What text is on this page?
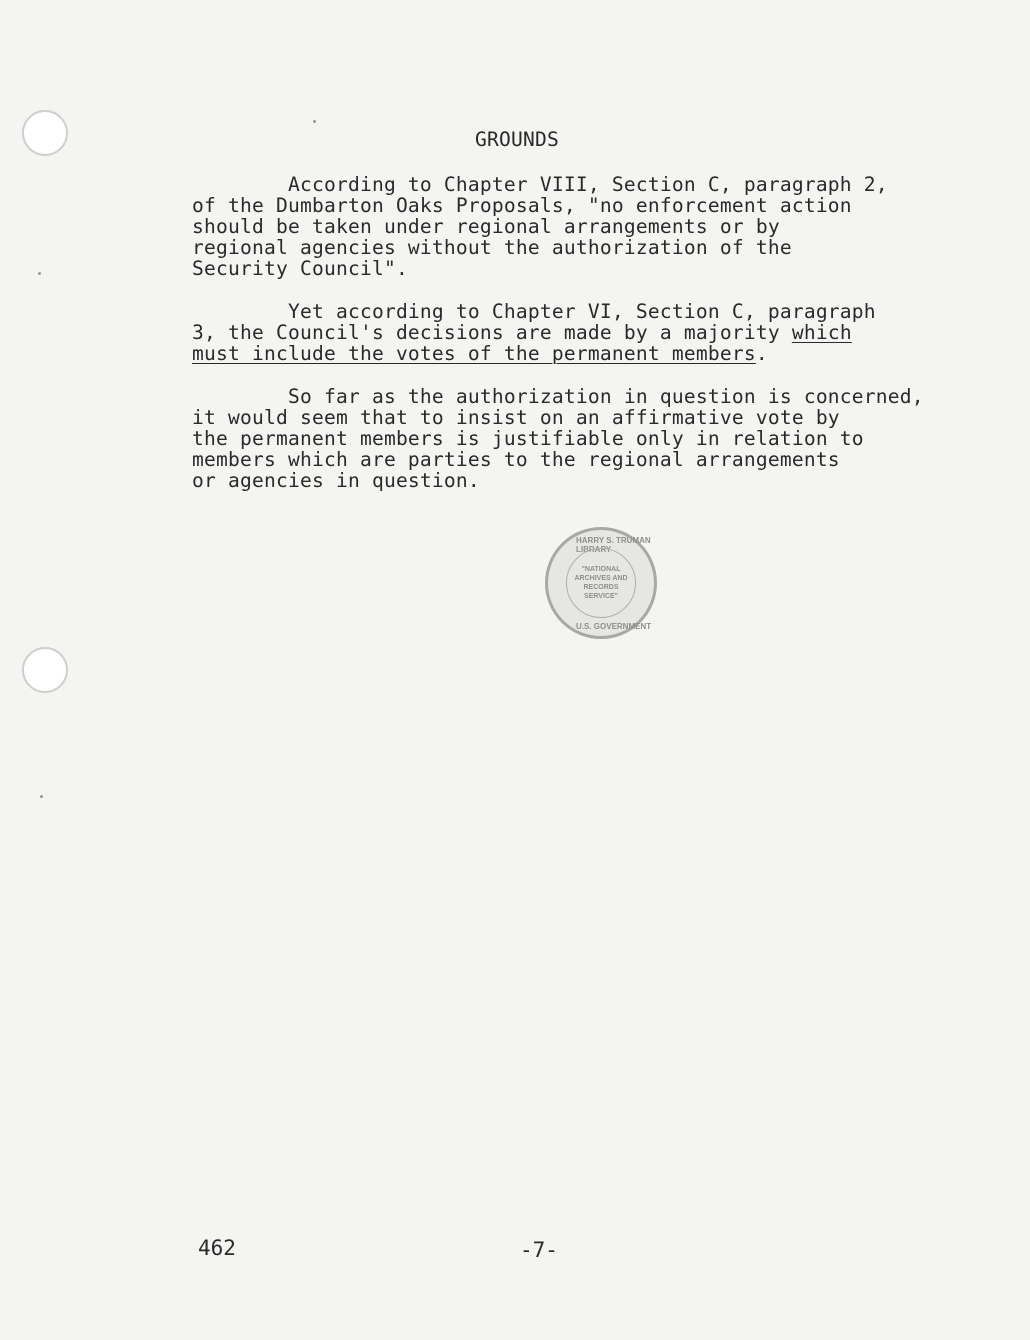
GROUNDS
According to Chapter VIII, Section C, paragraph 2,
of the Dumbarton Oaks Proposals, "no enforcement action
should be taken under regional arrangements or by
regional agencies without the authorization of the
Security Council".
Yet according to Chapter VI, Section C, paragraph
3, the Council's decisions are made by a majority which
must include the votes of the permanent members.
So far as the authorization in question is concerned,
it would seem that to insist on an affirmative vote by
the permanent members is justifiable only in relation to
members which are parties to the regional arrangements
or agencies in question.
HARRY S. TRUMAN LIBRARY
"NATIONAL ARCHIVES AND RECORDS SERVICE"
U.S. GOVERNMENT
462	-7-
